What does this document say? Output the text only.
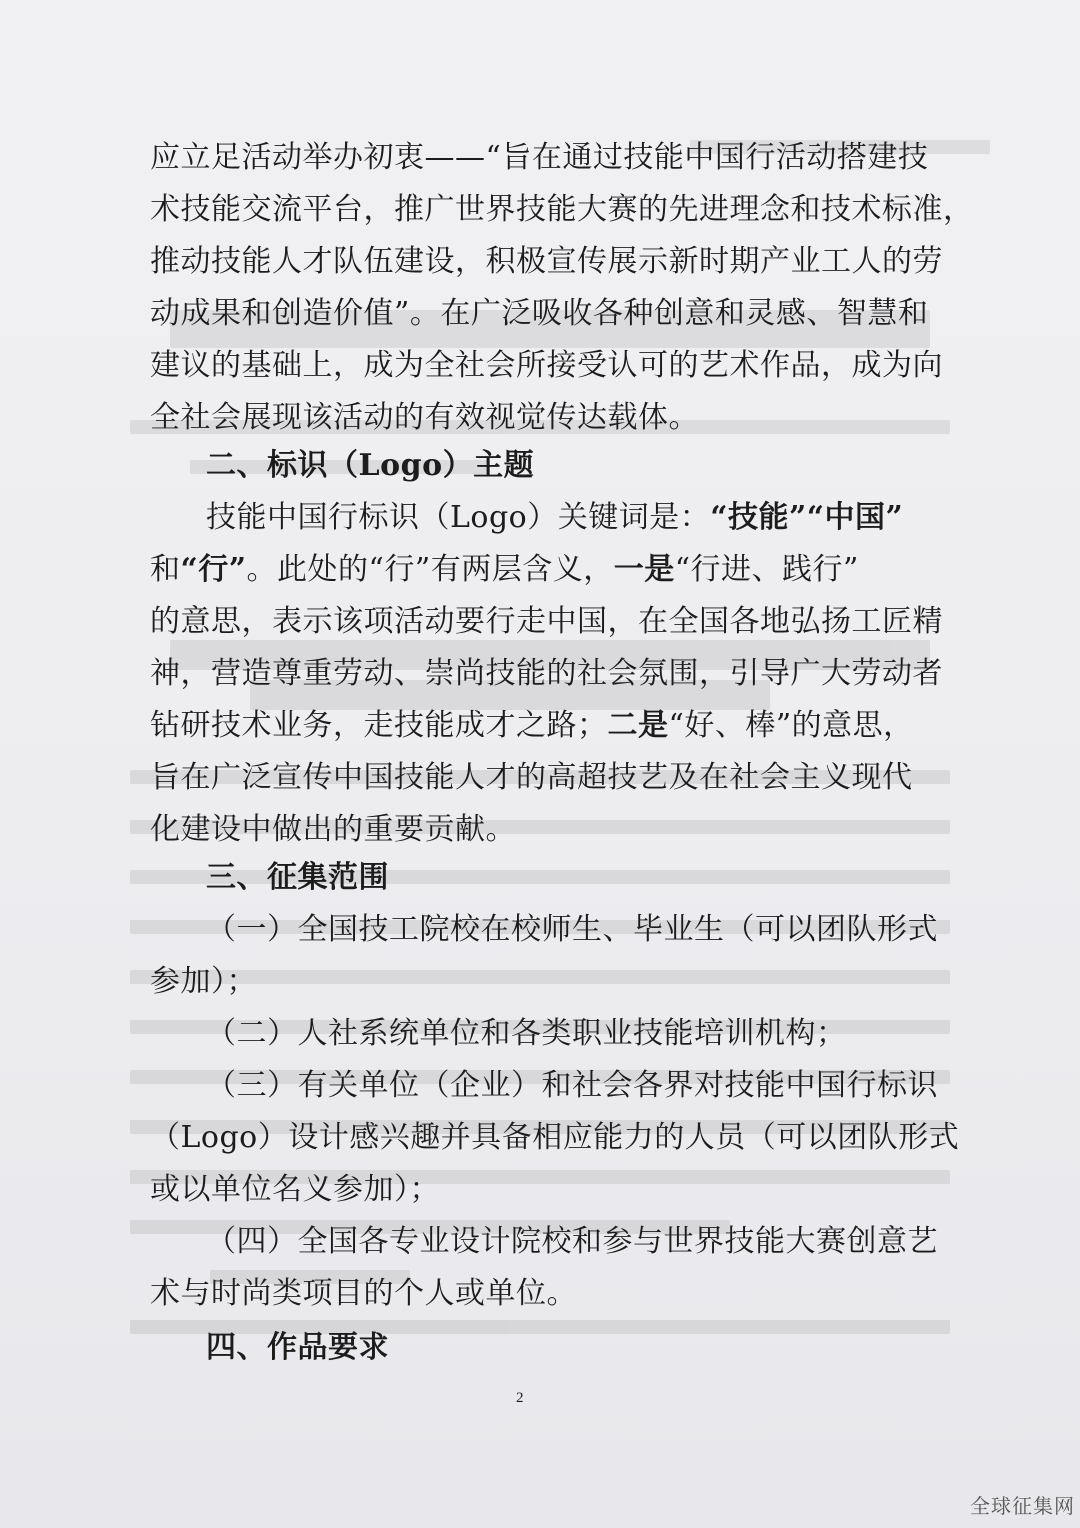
应立足活动举办初衷——“旨在通过技能中国行活动搭建技
术技能交流平台，推广世界技能大赛的先进理念和技术标准，
推动技能人才队伍建设，积极宣传展示新时期产业工人的劳
动成果和创造价值”。在广泛吸收各种创意和灵感、智慧和
建议的基础上，成为全社会所接受认可的艺术作品，成为向
全社会展现该活动的有效视觉传达载体。
二、标识（Logo）主题
技能中国行标识（Logo）关键词是：“技能”“中国”
和“行”。此处的“行”有两层含义，一是“行进、践行”
的意思，表示该项活动要行走中国，在全国各地弘扬工匠精
神，营造尊重劳动、崇尚技能的社会氛围，引导广大劳动者
钻研技术业务，走技能成才之路；二是“好、棒”的意思，
旨在广泛宣传中国技能人才的高超技艺及在社会主义现代
化建设中做出的重要贡献。
三、征集范围
（一）全国技工院校在校师生、毕业生（可以团队形式
参加）；
（二）人社系统单位和各类职业技能培训机构；
（三）有关单位（企业）和社会各界对技能中国行标识
（Logo）设计感兴趣并具备相应能力的人员（可以团队形式
或以单位名义参加）；
（四）全国各专业设计院校和参与世界技能大赛创意艺
术与时尚类项目的个人或单位。
四、作品要求
2
全球征集网
